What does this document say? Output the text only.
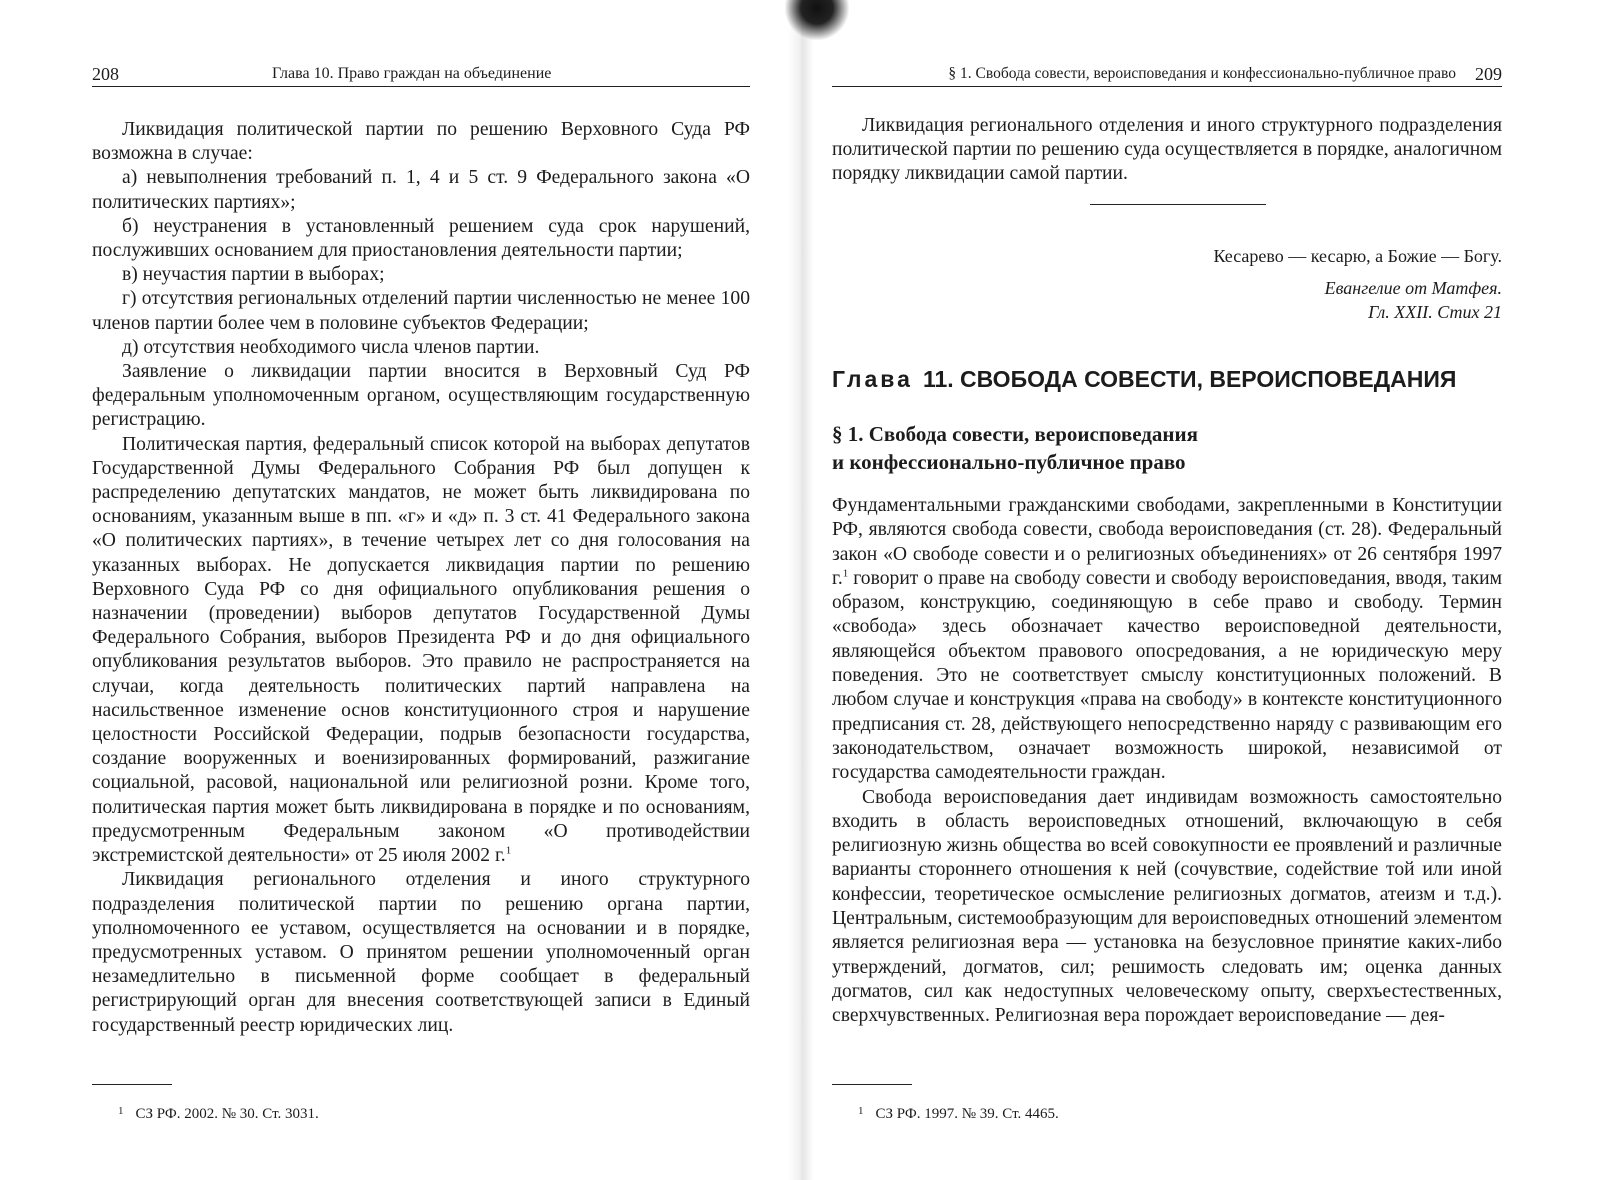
208	Глава 10. Право граждан на объединение

Ликвидация политической партии по решению Верховного Суда РФ возможна в случае:

а) невыполнения требований п. 1, 4 и 5 ст. 9 Федерального закона «О политических партиях»;

б) неустранения в установленный решением суда срок нарушений, послуживших основанием для приостановления деятельности партии;

в) неучастия партии в выборах;

г) отсутствия региональных отделений партии численностью не менее 100 членов партии более чем в половине субъектов Федерации;

д) отсутствия необходимого числа членов партии.

Заявление о ликвидации партии вносится в Верховный Суд РФ федеральным уполномоченным органом, осуществляющим государственную регистрацию.

Политическая партия, федеральный список которой на выборах депутатов Государственной Думы Федерального Собрания РФ был допущен к распределению депутатских мандатов, не может быть ликвидирована по основаниям, указанным выше в пп. «г» и «д» п. 3 ст. 41 Федерального закона «О политических партиях», в течение четырех лет со дня голосования на указанных выборах. Не допускается ликвидация партии по решению Верховного Суда РФ со дня официального опубликования решения о назначении (проведении) выборов депутатов Государственной Думы Федерального Собрания, выборов Президента РФ и до дня официального опубликования результатов выборов. Это правило не распространяется на случаи, когда деятельность политических партий направлена на насильственное изменение основ конституционного строя и нарушение целостности Российской Федерации, подрыв безопасности государства, создание вооруженных и военизированных формирований, разжигание социальной, расовой, национальной или религиозной розни. Кроме того, политическая партия может быть ликвидирована в порядке и по основаниям, предусмотренным Федеральным законом «О противодействии экстремистской деятельности» от 25 июля 2002 г.$^1$

Ликвидация регионального отделения и иного структурного подразделения политической партии по решению органа партии, уполномоченного ее уставом, осуществляется на основании и в порядке, предусмотренных уставом. О принятом решении уполномоченный орган незамедлительно в письменной форме сообщает в федеральный регистрирующий орган для внесения соответствующей записи в Единый государственный реестр юридических лиц.

$^1$ СЗ РФ. 2002. № 30. Ст. 3031.
§ 1. Свобода совести, вероисповедания и конфессионально-публичное право 209

Ликвидация регионального отделения и иного структурного подразделения политической партии по решению суда осуществляется в порядке, аналогичном порядку ликвидации самой партии.

Кесарево — кесарю, а Божие — Богу.
Евангелие от Матфея.
Гл. XXII. Стих 21
Глава 11. СВОБОДА СОВЕСТИ, ВЕРОИСПОВЕДАНИЯ
§ 1. Свобода совести, вероисповедания
и конфессионально-публичное право

Фундаментальными гражданскими свободами, закрепленными в Конституции РФ, являются свобода совести, свобода вероисповедания (ст. 28). Федеральный закон «О свободе совести и о религиозных объединениях» от 26 сентября 1997 г.$^1$ говорит о праве на свободу совести и свободу вероисповедания, вводя, таким образом, конструкцию, соединяющую в себе право и свободу. Термин «свобода» здесь обозначает качество вероисповедной деятельности, являющейся объектом правового опосредования, а не юридическую меру поведения. Это не соответствует смыслу конституционных положений. В любом случае и конструкция «права на свободу» в контексте конституционного предписания ст. 28, действующего непосредственно наряду с развивающим его законодательством, означает возможность широкой, независимой от государства самодеятельности граждан.

Свобода вероисповедания дает индивидам возможность самостоятельно входить в область вероисповедных отношений, включающую в себя религиозную жизнь общества во всей совокупности ее проявлений и различные варианты стороннего отношения к ней (сочувствие, содействие той или иной конфессии, теоретическое осмысление религиозных догматов, атеизм и т.д.). Центральным, системообразующим для вероисповедных отношений элементом является религиозная вера — установка на безусловное принятие каких-либо утверждений, догматов, сил; решимость следовать им; оценка данных догматов, сил как недоступных человеческому опыту, сверхъестественных, сверхчувственных. Религиозная вера порождает вероисповедание — дея-

$^1$ СЗ РФ. 1997. № 39. Ст. 4465.
